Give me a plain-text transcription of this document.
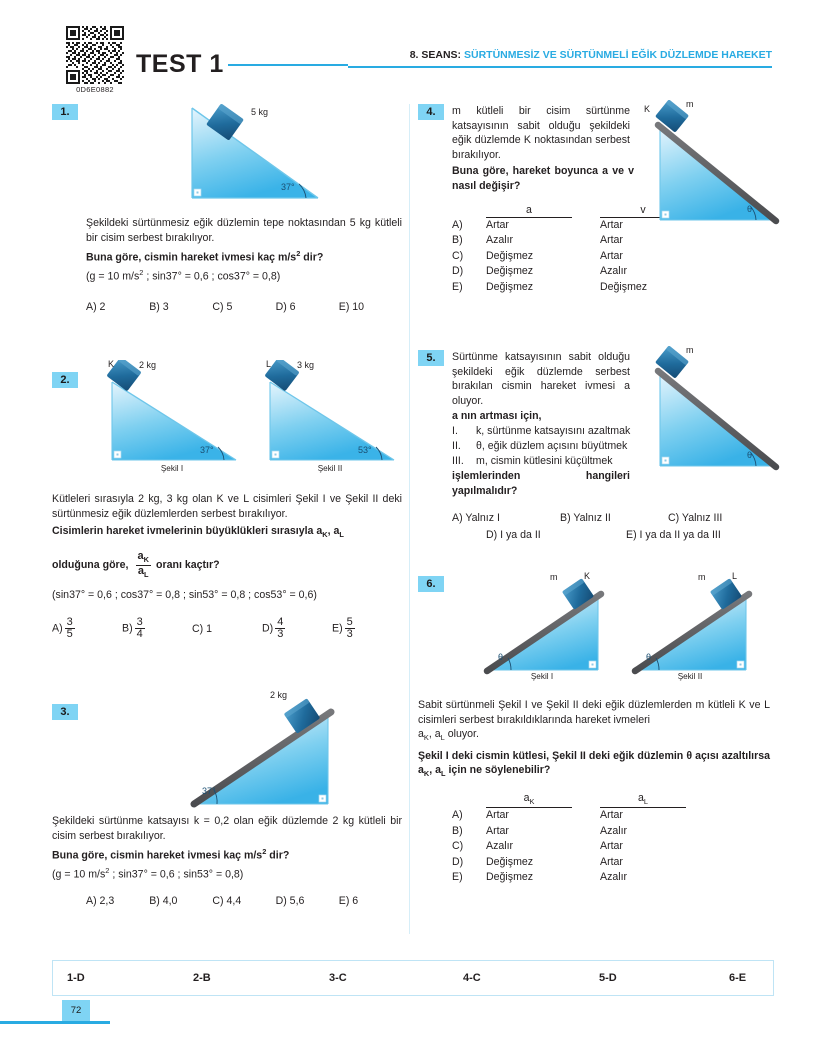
0D6E0882
TEST 1	8. SEANS: SÜRTÜNMESİZ VE SÜRTÜNMELİ EĞİK DÜZLEMDE HAREKET
1.	5 kg
37°
Şekildeki sürtünmesiz eğik düzlemin tepe noktasından 5 kg kütleli bir cisim serbest bırakılıyor.
Buna göre, cismin hareket ivmesi kaç $m/s^2$ dir?
(g = 10 $m/s^2$ ; sin37° = 0,6 ; cos37° = 0,8)
A) 2	B) 3	C) 5	D) 6	E) 10
2.
K	2 kg
37°
Şekil I
L	3 kg
53°
Şekil II
Kütleleri sırasıyla 2 kg, 3 kg olan K ve L cisimleri Şekil I ve Şekil II deki sürtünmesiz eğik düzlemlerden serbest bırakılıyor.
Cisimlerin hareket ivmelerinin büyüklükleri sırasıyla $a_K$, $a_L$
olduğuna göre, $\frac{a_K}{a_L}$ oranı kaçtır?
(sin37° = 0,6 ; cos37° = 0,8 ; sin53° = 0,8 ; cos53° = 0,6)
$A) \frac{3}{5}$	$B) \frac{3}{4}$	C) 1	$D) \frac{4}{3}$	$E) \frac{5}{3}$
3.
2 kg
37°
Şekildeki sürtünme katsayısı k = 0,2 olan eğik düzlemde 2 kg kütleli bir cisim serbest bırakılıyor.
Buna göre, cismin hareket ivmesi kaç $m/s^2$ dir?
(g = 10 $m/s^2$ ; sin37° = 0,6 ; sin53° = 0,8)
A) 2,3	B) 4,0	C) 4,4	D) 5,6	E) 6
4.	K	m
θ
m kütleli bir cisim sürtünme katsayısının sabit olduğu şekildeki eğik düzlemde K noktasından serbest bırakılıyor.
Buna göre, hareket boyunca a ve v nasıl değişir?
a	v
A)	Artar	Artar
B)	Azalır	Artar
C)	Değişmez	Artar
D)	Değişmez	Azalır
E)	Değişmez	Değişmez
5.
m
θ
Sürtünme katsayısının sabit olduğu şekildeki eğik düzlemde serbest bırakılan cismin hareket ivmesi a oluyor.
a nın artması için,
I.	k, sürtünme katsayısını azaltmak
II.	θ, eğik düzlem açısını büyütmek
III.	m, cismin kütlesini küçültmek
işlemlerinden hangileri yapılmalıdır?
A) Yalnız I	B) Yalnız II	C) Yalnız III
D) I ya da II	E) I ya da II ya da III
6.
m	K
θ
Şekil I
m	L
θ
Şekil II
Sabit sürtünmeli Şekil I ve Şekil II deki eğik düzlemlerden m kütleli K ve L cisimleri serbest bırakıldıklarında hareket ivmeleri
$a_K$, $a_L$ oluyor.
Şekil I deki cismin kütlesi, Şekil II deki eğik düzlemin θ açısı azaltılırsa $a_K$, $a_L$ için ne söylenebilir?
$a_K$	$a_L$
A)	Artar	Artar
B)	Artar	Azalır
C)	Azalır	Artar
D)	Değişmez	Artar
E)	Değişmez	Azalır
1-D	2-B	3-C	4-C	5-D	6-E
72
